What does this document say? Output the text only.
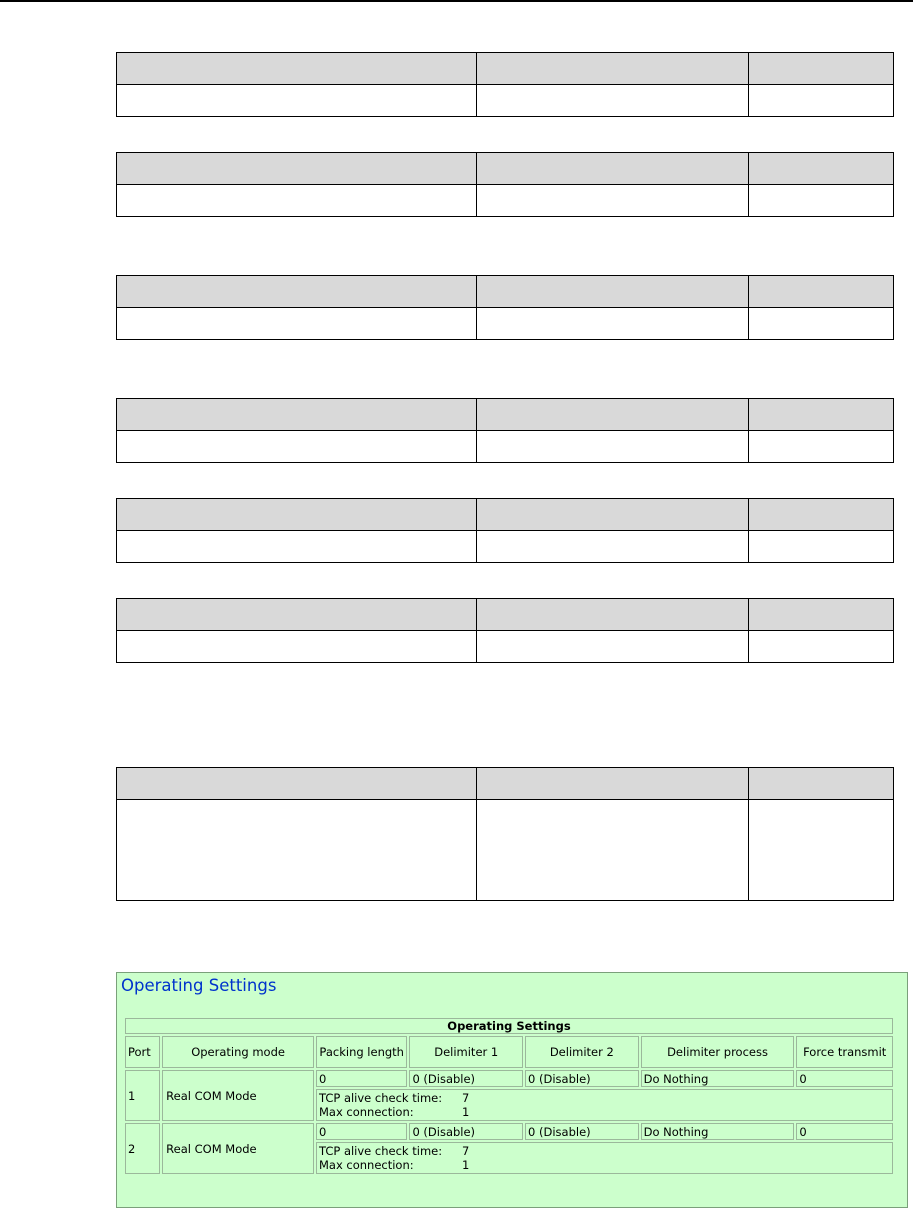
Operating Settings
Operating Settings						
Port	Operating mode	Packing length	Delimiter 1	Delimiter 2	Delimiter process	Force transmit
1	Real COM Mode	0	0 (Disable)	0 (Disable)	Do Nothing	0

		TCP alive check time: 7
Max connection: 1				

2	Real COM Mode	0	0 (Disable)	0 (Disable)	Do Nothing	0

		TCP alive check time: 7
Max connection: 1				
